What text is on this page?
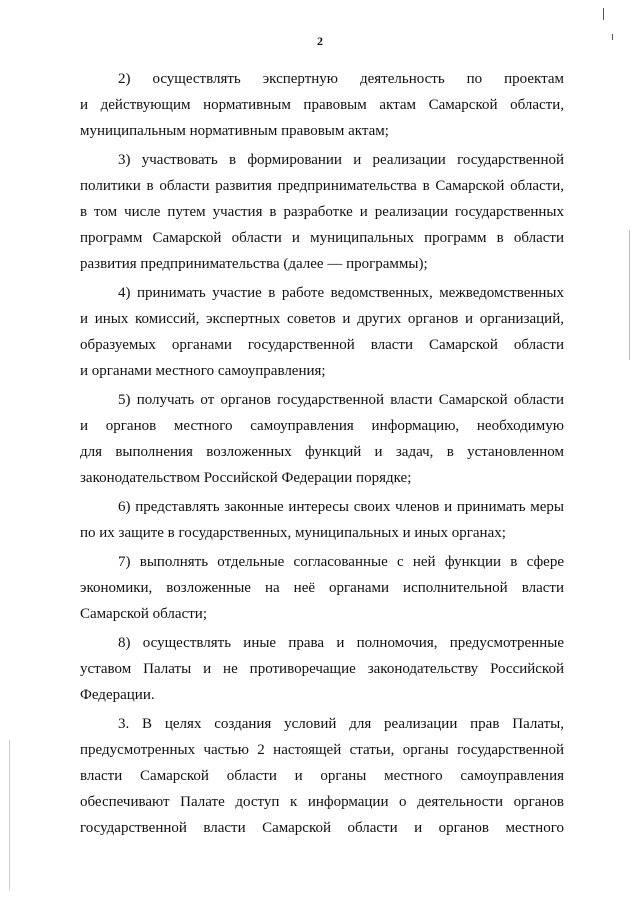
2
2) осуществлять экспертную деятельность по проектам
и действующим нормативным правовым актам Самарской области,
муниципальным нормативным правовым актам;
3) участвовать в формировании и реализации государственной
политики в области развития предпринимательства в Самарской области,
в том числе путем участия в разработке и реализации государственных
программ Самарской области и муниципальных программ в области
развития предпринимательства (далее — программы);
4) принимать участие в работе ведомственных, межведомственных
и иных комиссий, экспертных советов и других органов и организаций,
образуемых органами государственной власти Самарской области
и органами местного самоуправления;
5) получать от органов государственной власти Самарской области
и органов местного самоуправления информацию, необходимую
для выполнения возложенных функций и задач, в установленном
законодательством Российской Федерации порядке;
6) представлять законные интересы своих членов и принимать меры
по их защите в государственных, муниципальных и иных органах;
7) выполнять отдельные согласованные с ней функции в сфере
экономики, возложенные на неё органами исполнительной власти
Самарской области;
8) осуществлять иные права и полномочия, предусмотренные
уставом Палаты и не противоречащие законодательству Российской
Федерации.
3. В целях создания условий для реализации прав Палаты,
предусмотренных частью 2 настоящей статьи, органы государственной
власти Самарской области и органы местного самоуправления
обеспечивают Палате доступ к информации о деятельности органов
государственной власти Самарской области и органов местного
